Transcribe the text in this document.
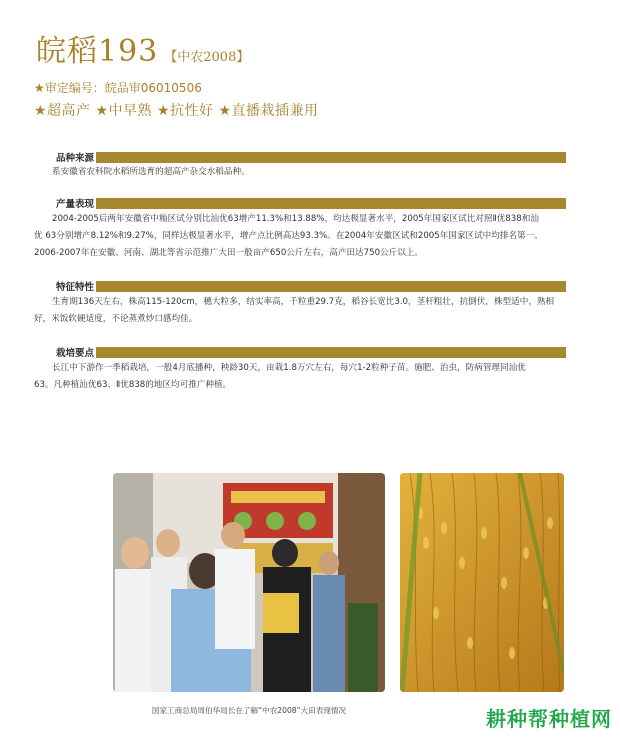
皖稻193 【中农2008】
★审定编号：皖品审06010506
★超高产 ★中早熟 ★抗性好 ★直播栽插兼用
品种来源
系安徽省农科院水稻所选育的超高产杂交水稻品种。
产量表现
2004-2005后两年安徽省中籼区试分别比汕优63增产11.3%和13.88%，均达极显著水平，2005年国家区试比对照Ⅱ优838和汕
优 63分别增产8.12%和9.27%，同样达极显著水平，增产点比例高达93.3%。在2004年安徽区试和2005年国家区试中均排名第一。
2006-2007年在安徽、河南、湖北等省示范推广大田一般亩产650公斤左右，高产田达750公斤以上。
特征特性
生育期136天左右，株高115-120cm，穗大粒多，结实率高，千粒重29.7克，稻谷长宽比3.0，茎杆粗壮，抗倒伏，株型适中，熟相
好，米饭软硬适度，不论蒸煮炒口感均佳。
栽培要点
长江中下游作一季稻栽培，一般4月底播种，秧龄30天，亩栽1.8万穴左右，每穴1-2粒种子苗。施肥、治虫，防病管理同汕优
63。凡种植汕优63、Ⅱ优838的地区均可推广种植。
国家工商总局周伯华局长在了解“中农2008”大田表现情况	耕种帮种植网
